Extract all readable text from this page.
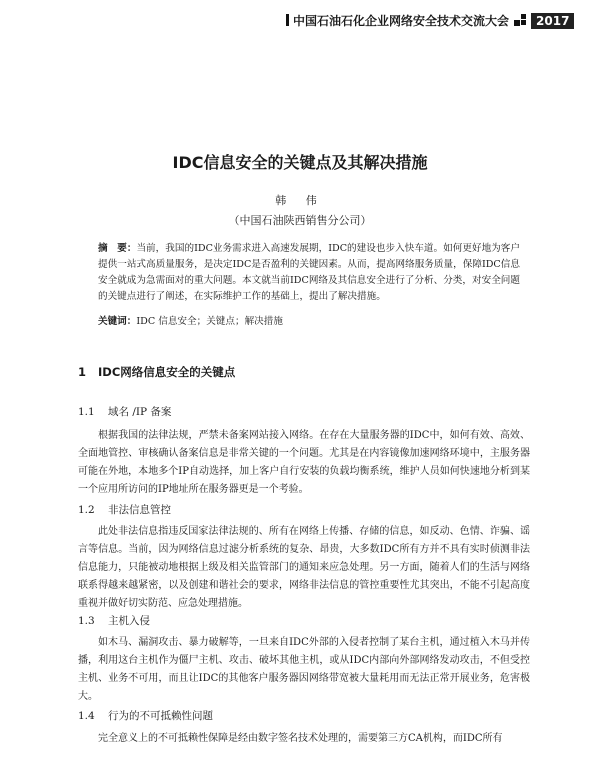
中国石油石化企业网络安全技术交流大会 2017
IDC信息安全的关键点及其解决措施
韩 伟
（中国石油陕西销售分公司）
摘　要：当前，我国的IDC业务需求进入高速发展期，IDC的建设也步入快车道。如何更好地为客户提供一站式高质量服务，是决定IDC是否盈利的关键因素。从而，提高网络服务质量，保障IDC信息安全就成为急需面对的重大问题。本文就当前IDC网络及其信息安全进行了分析、分类，对安全问题的关键点进行了阐述，在实际维护工作的基础上，提出了解决措施。
关键词：IDC 信息安全；关键点；解决措施
1 IDC网络信息安全的关键点
1.1 域名 /IP 备案
根据我国的法律法规，严禁未备案网站接入网络。在存在大量服务器的IDC中，如何有效、高效、全面地管控、审核确认备案信息是非常关键的一个问题。尤其是在内容镜像加速网络环境中，主服务器可能在外地，本地多个IP自动选择，加上客户自行安装的负载均衡系统，维护人员如何快速地分析到某一个应用所访问的IP地址所在服务器更是一个考验。
1.2 非法信息管控
此处非法信息指违反国家法律法规的、所有在网络上传播、存储的信息，如反动、色情、诈骗、谣言等信息。当前，因为网络信息过滤分析系统的复杂、昂贵，大多数IDC所有方并不具有实时侦测非法信息能力，只能被动地根据上级及相关监管部门的通知来应急处理。另一方面，随着人们的生活与网络联系得越来越紧密，以及创建和谐社会的要求，网络非法信息的管控重要性尤其突出，不能不引起高度重视并做好切实防范、应急处理措施。
1.3 主机入侵
如木马、漏洞攻击、暴力破解等，一旦来自IDC外部的入侵者控制了某台主机，通过植入木马并传播，利用这台主机作为僵尸主机、攻击、破坏其他主机，或从IDC内部向外部网络发动攻击，不但受控主机、业务不可用，而且让IDC的其他客户服务器因网络带宽被大量耗用而无法正常开展业务，危害极大。
1.4 行为的不可抵赖性问题
完全意义上的不可抵赖性保障是经由数字签名技术处理的，需要第三方CA机构，而IDC所有
